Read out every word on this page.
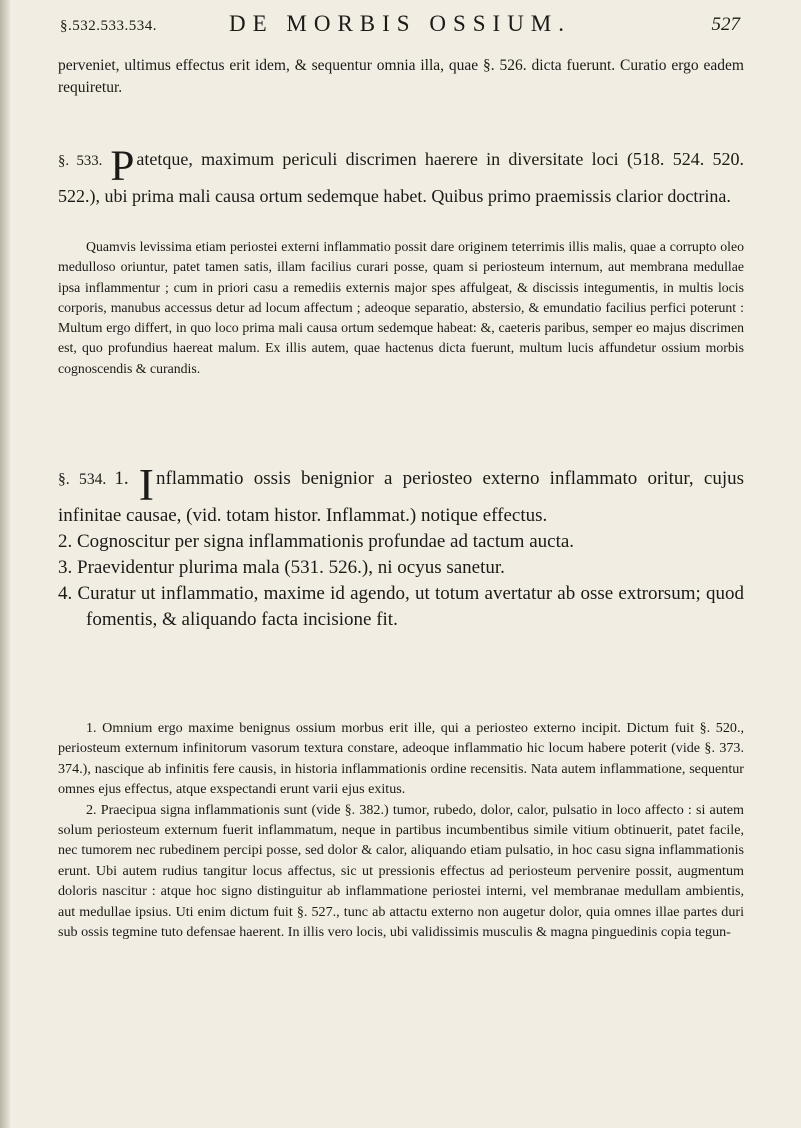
§.532.533.534.	DE MORBIS OSSIUM.	527

perveniet, ultimus effectus erit idem, & sequentur omnia illa, quae §. 526. dicta fuerunt. Curatio ergo eadem requiretur.

§. 533. P atetque, maximum periculi discrimen haerere in diversitate loci (518. 524. 520. 522.), ubi prima mali causa ortum sedemque habet. Quibus primo praemissis clarior doctrina.

Quamvis levissima etiam periostei externi inflammatio possit dare originem teterrimis illis malis, quae a corrupto oleo medulloso oriuntur, patet tamen satis, illam facilius curari posse, quam si periosteum internum, aut membrana medullae ipsa inflammentur ; cum in priori casu a remediis externis major spes affulgeat, & discissis integumentis, in multis locis corporis, manubus accessus detur ad locum affectum ; adeoque separatio, abstersio, & emundatio facilius perfici poterunt : Multum ergo differt, in quo loco prima mali causa ortum sedemque habeat: &, caeteris paribus, semper eo majus discrimen est, quo profundius haereat malum. Ex illis autem, quae hactenus dicta fuerunt, multum lucis affundetur ossium morbis cognoscendis & curandis.

§. 534. 1. I nflammatio ossis benignior a periosteo externo inflammato oritur, cujus infinitae causae, (vid. totam histor. Inflammat.) notique effectus.

2. Cognoscitur per signa inflammationis profundae ad tactum aucta.

3. Praevidentur plurima mala (531. 526.), ni ocyus sanetur.

4. Curatur ut inflammatio, maxime id agendo, ut totum avertatur ab osse extrorsum; quod fomentis, & aliquando facta incisione fit.

1. Omnium ergo maxime benignus ossium morbus erit ille, qui a periosteo externo incipit. Dictum fuit §. 520., periosteum externum infinitorum vasorum textura constare, adeoque inflammatio hic locum habere poterit (vide §. 373. 374.), nascique ab infinitis fere causis, in historia inflammationis ordine recensitis. Nata autem inflammatione, sequentur omnes ejus effectus, atque exspectandi erunt varii ejus exitus.

2. Praecipua signa inflammationis sunt (vide §. 382.) tumor, rubedo, dolor, calor, pulsatio in loco affecto : si autem solum periosteum externum fuerit inflammatum, neque in partibus incumbentibus simile vitium obtinuerit, patet facile, nec tumorem nec rubedinem percipi posse, sed dolor & calor, aliquando etiam pulsatio, in hoc casu signa inflammationis erunt. Ubi autem rudius tangitur locus affectus, sic ut pressionis effectus ad periosteum pervenire possit, augmentum doloris nascitur : atque hoc signo distinguitur ab inflammatione periostei interni, vel membranae medullam ambientis, aut medullae ipsius. Uti enim dictum fuit §. 527., tunc ab attactu externo non augetur dolor, quia omnes illae partes duri sub ossis tegmine tuto defensae haerent. In illis vero locis, ubi validissimis musculis & magna pinguedinis copia tegun-
